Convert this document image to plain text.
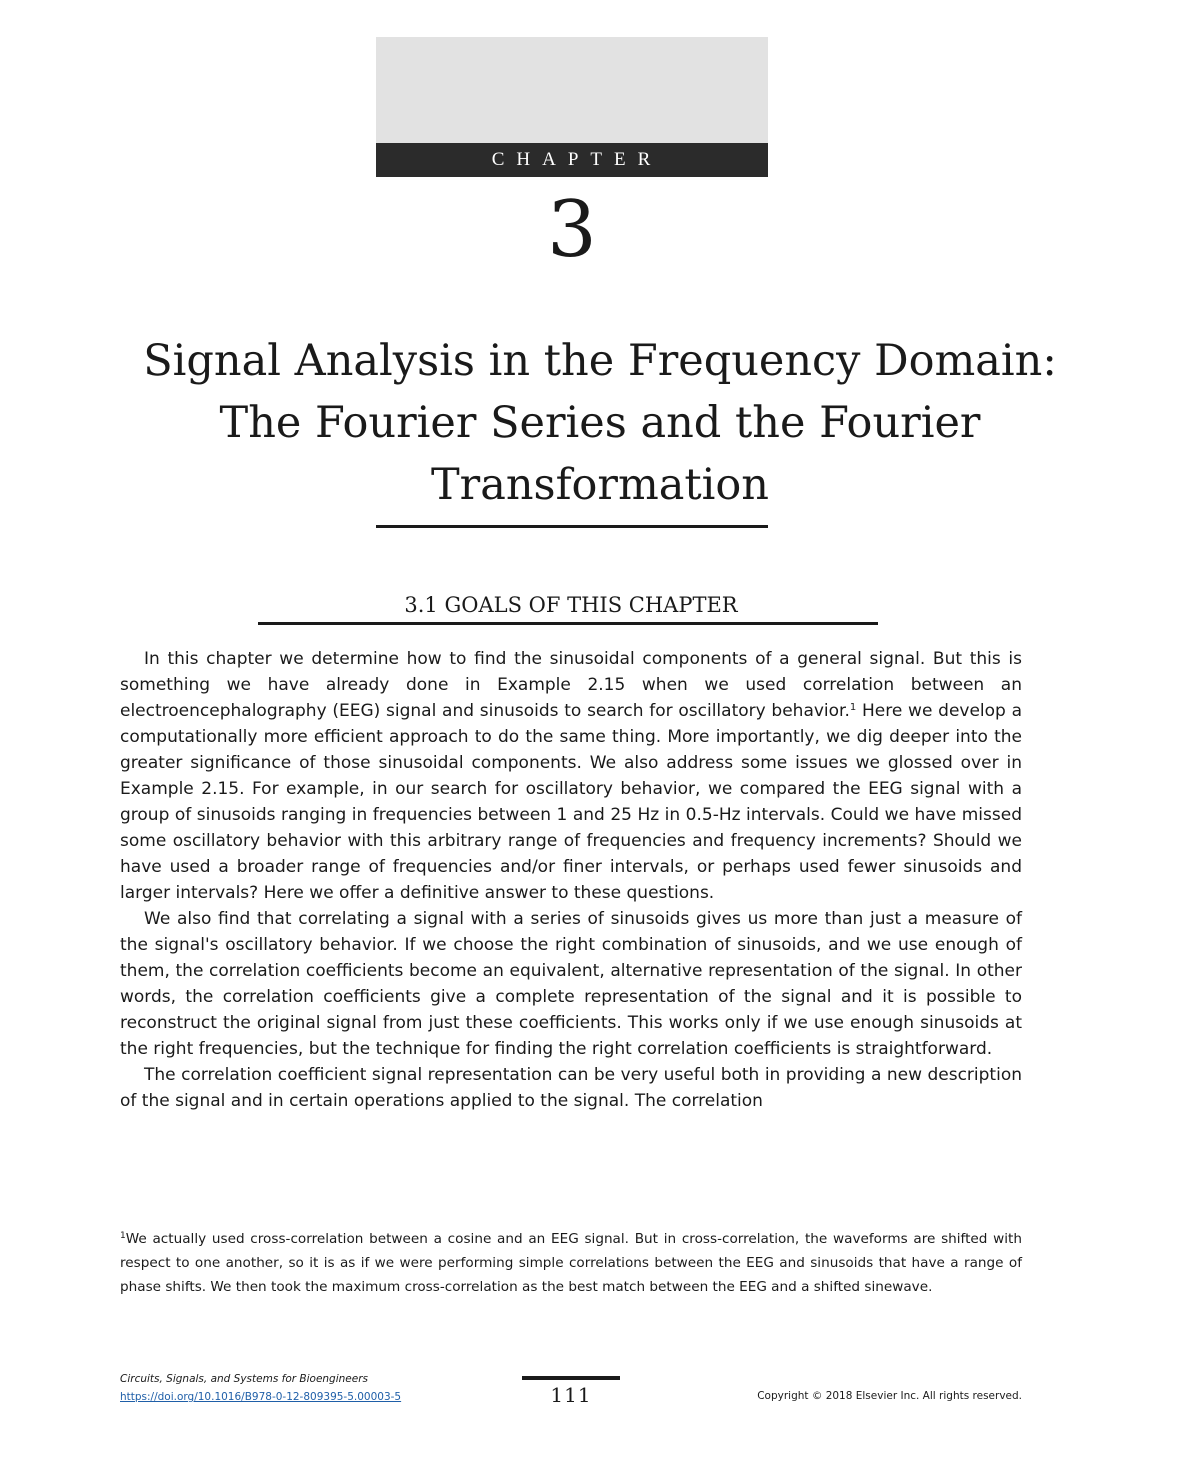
CHAPTER
3
Signal Analysis in the Frequency Domain: The Fourier Series and the Fourier Transformation
3.1 GOALS OF THIS CHAPTER

In this chapter we determine how to find the sinusoidal components of a general signal. But this is something we have already done in Example 2.15 when we used correlation between an electroencephalography (EEG) signal and sinusoids to search for oscillatory behavior.$^1$ Here we develop a computationally more efficient approach to do the same thing. More importantly, we dig deeper into the greater significance of those sinusoidal components. We also address some issues we glossed over in Example 2.15. For example, in our search for oscillatory behavior, we compared the EEG signal with a group of sinusoids ranging in frequencies between 1 and 25 Hz in 0.5-Hz intervals. Could we have missed some oscillatory behavior with this arbitrary range of frequencies and frequency increments? Should we have used a broader range of frequencies and/or finer intervals, or perhaps used fewer sinusoids and larger intervals? Here we offer a definitive answer to these questions.

We also find that correlating a signal with a series of sinusoids gives us more than just a measure of the signal's oscillatory behavior. If we choose the right combination of sinusoids, and we use enough of them, the correlation coefficients become an equivalent, alternative representation of the signal. In other words, the correlation coefficients give a complete representation of the signal and it is possible to reconstruct the original signal from just these coefficients. This works only if we use enough sinusoids at the right frequencies, but the technique for finding the right correlation coefficients is straightforward.

The correlation coefficient signal representation can be very useful both in providing a new description of the signal and in certain operations applied to the signal. The correlation

$^1$We actually used cross-correlation between a cosine and an EEG signal. But in cross-correlation, the waveforms are shifted with respect to one another, so it is as if we were performing simple correlations between the EEG and sinusoids that have a range of phase shifts. We then took the maximum cross-correlation as the best match between the EEG and a shifted sinewave.

Circuits, Signals, and Systems for Bioengineers
https://doi.org/10.1016/B978-0-12-809395-5.00003-5	111	Copyright © 2018 Elsevier Inc. All rights reserved.
